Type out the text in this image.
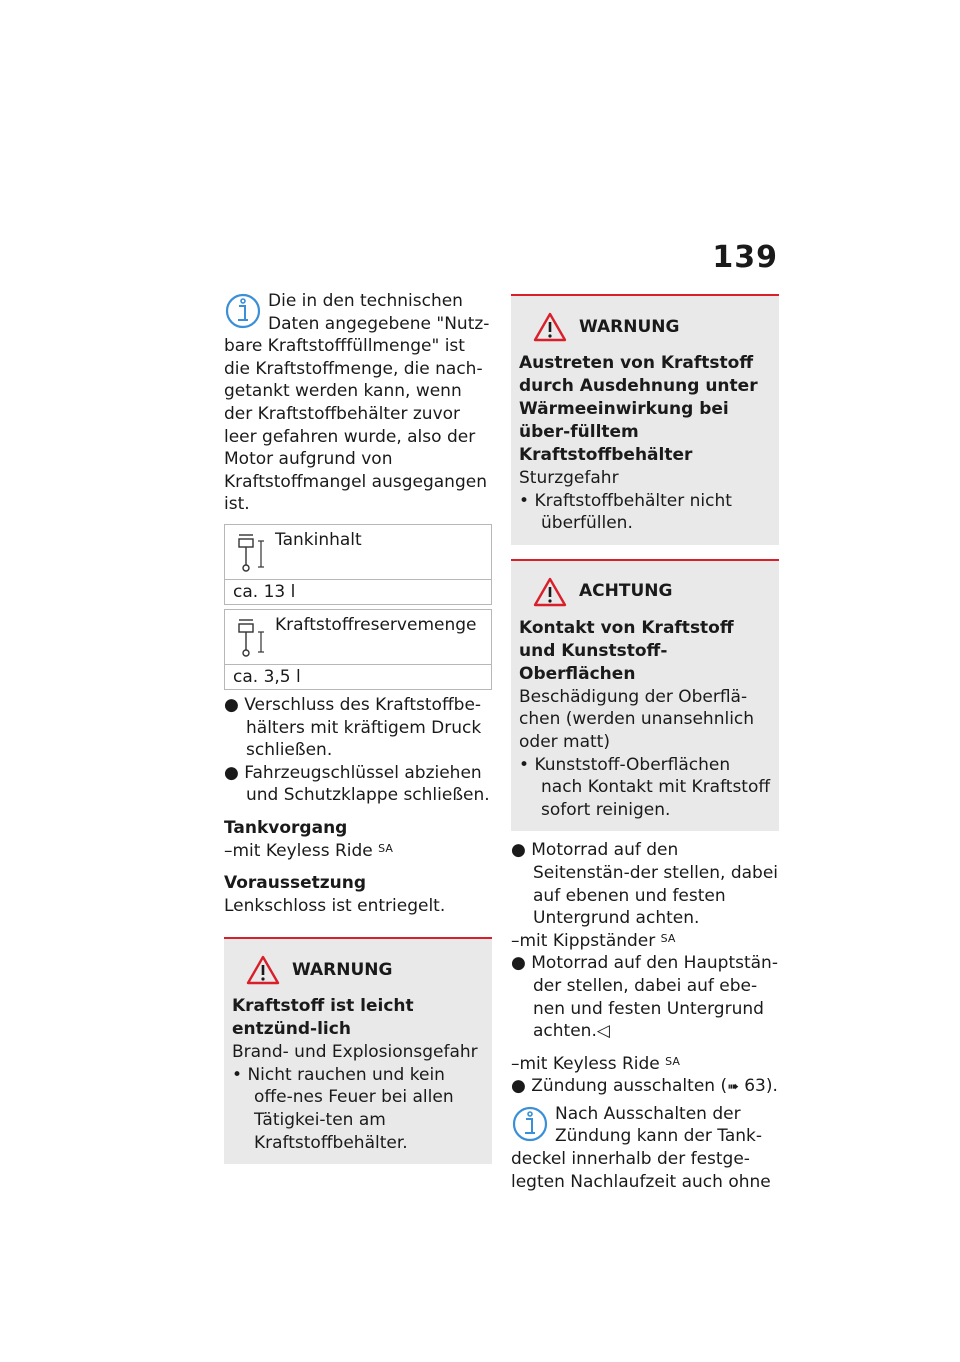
139

Die in den technischen Daten angegebene "Nutz-bare Kraftstofffüllmenge" ist die Kraftstoffmenge, die nach-getankt werden kann, wenn der Kraftstoffbehälter zuvor leer gefahren wurde, also der Motor aufgrund von Kraftstoffmangel ausgegangen ist.

Tankinhalt
ca. 13 l
Kraftstoffreservemenge
ca. 3,5 l
● Verschluss des Kraftstoffbe-hälters mit kräftigem Druck schließen.
● Fahrzeugschlüssel abziehen und Schutzklappe schließen.

Tankvorgang

–mit Keyless Ride $^{SA}$

Voraussetzung

Lenkschloss ist entriegelt.

WARNUNG

Kraftstoff ist leicht entzünd-lich

Brand- und Explosionsgefahr

• Nicht rauchen und kein offe-nes Feuer bei allen Tätigkei-ten am Kraftstoffbehälter.
WARNUNG

Austreten von Kraftstoff durch Ausdehnung unter Wärmeeinwirkung bei über-fülltem Kraftstoffbehälter

Sturzgefahr

• Kraftstoffbehälter nicht überfüllen.
ACHTUNG

Kontakt von Kraftstoff und Kunststoff-Oberflächen

Beschädigung der Oberflä-chen (werden unansehnlich oder matt)

• Kunststoff-Oberflächen nach Kontakt mit Kraftstoff sofort reinigen.
● Motorrad auf den Seitenstän-der stellen, dabei auf ebenen und festen Untergrund achten.

–mit Kippständer $^{SA}$

● Motorrad auf den Hauptstän-der stellen, dabei auf ebe-nen und festen Untergrund achten.◁

–mit Keyless Ride $^{SA}$

● Zündung ausschalten (➠ 63).

Nach Ausschalten der Zündung kann der Tank-deckel innerhalb der festge-legten Nachlaufzeit auch ohne
